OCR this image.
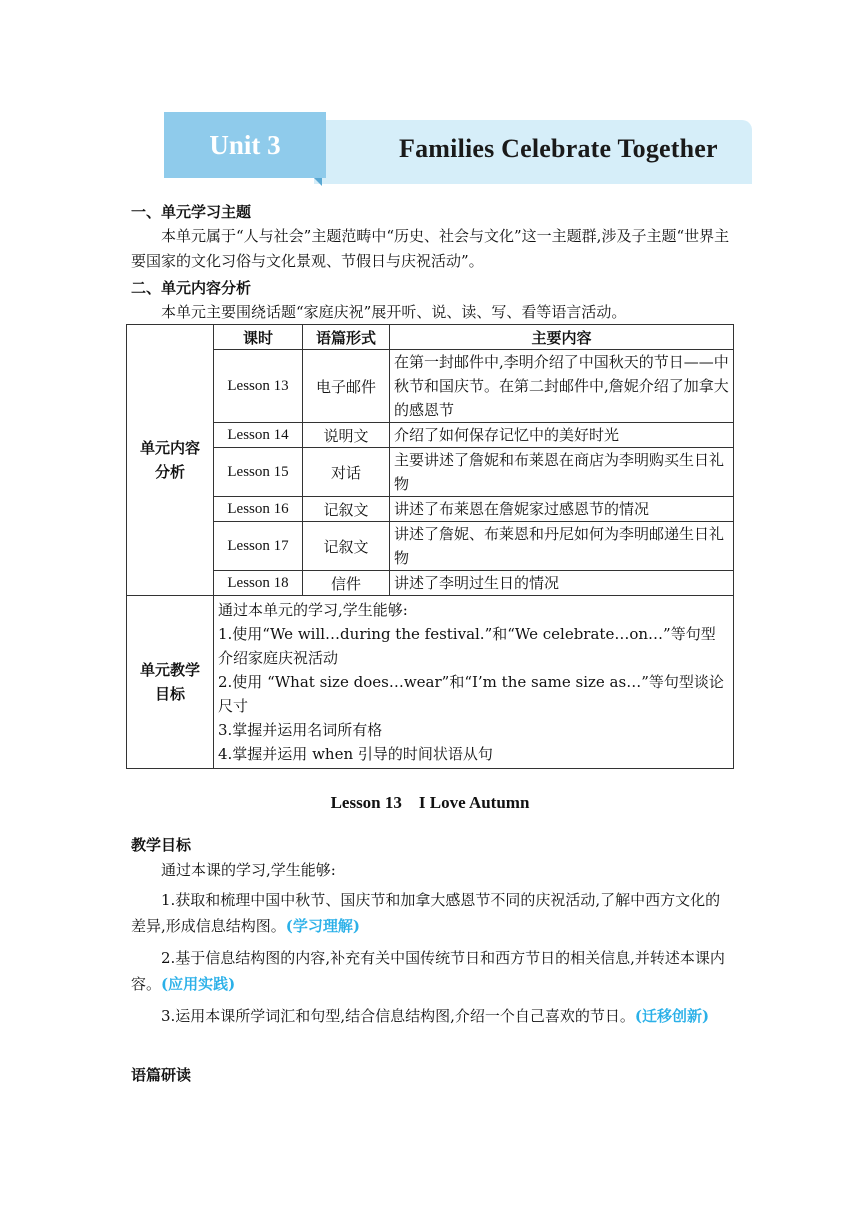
Unit 3	Families Celebrate Together
一、单元学习主题
本单元属于“人与社会”主题范畴中“历史、社会与文化”这一主题群,涉及子主题“世界主要国家的文化习俗与文化景观、节假日与庆祝活动”。
二、单元内容分析
本单元主要围绕话题“家庭庆祝”展开听、说、读、写、看等语言活动。
单元内容分析	课时	语篇形式	主要内容
	Lesson 13	电子邮件	在第一封邮件中,李明介绍了中国秋天的节日——中秋节和国庆节。在第二封邮件中,詹妮介绍了加拿大的感恩节
	Lesson 14	说明文	介绍了如何保存记忆中的美好时光
	Lesson 15	对话	主要讲述了詹妮和布莱恩在商店为李明购买生日礼物
	Lesson 16	记叙文	讲述了布莱恩在詹妮家过感恩节的情况
	Lesson 17	记叙文	讲述了詹妮、布莱恩和丹尼如何为李明邮递生日礼物
	Lesson 18	信件	讲述了李明过生日的情况
单元教学目标	通过本单元的学习,学生能够:
1.使用“We will…during the festival.”和“We celebrate…on…”等句型介绍家庭庆祝活动
2.使用 “What size does…wear”和“I’m the same size as…”等句型谈论尺寸
3.掌握并运用名词所有格
4.掌握并运用 when 引导的时间状语从句		
Lesson 13    I Love Autumn
教学目标
通过本课的学习,学生能够:
1.获取和梳理中国中秋节、国庆节和加拿大感恩节不同的庆祝活动,了解中西方文化的差异,形成信息结构图。(学习理解)
2.基于信息结构图的内容,补充有关中国传统节日和西方节日的相关信息,并转述本课内容。(应用实践)
3.运用本课所学词汇和句型,结合信息结构图,介绍一个自己喜欢的节日。(迁移创新)
语篇研读
